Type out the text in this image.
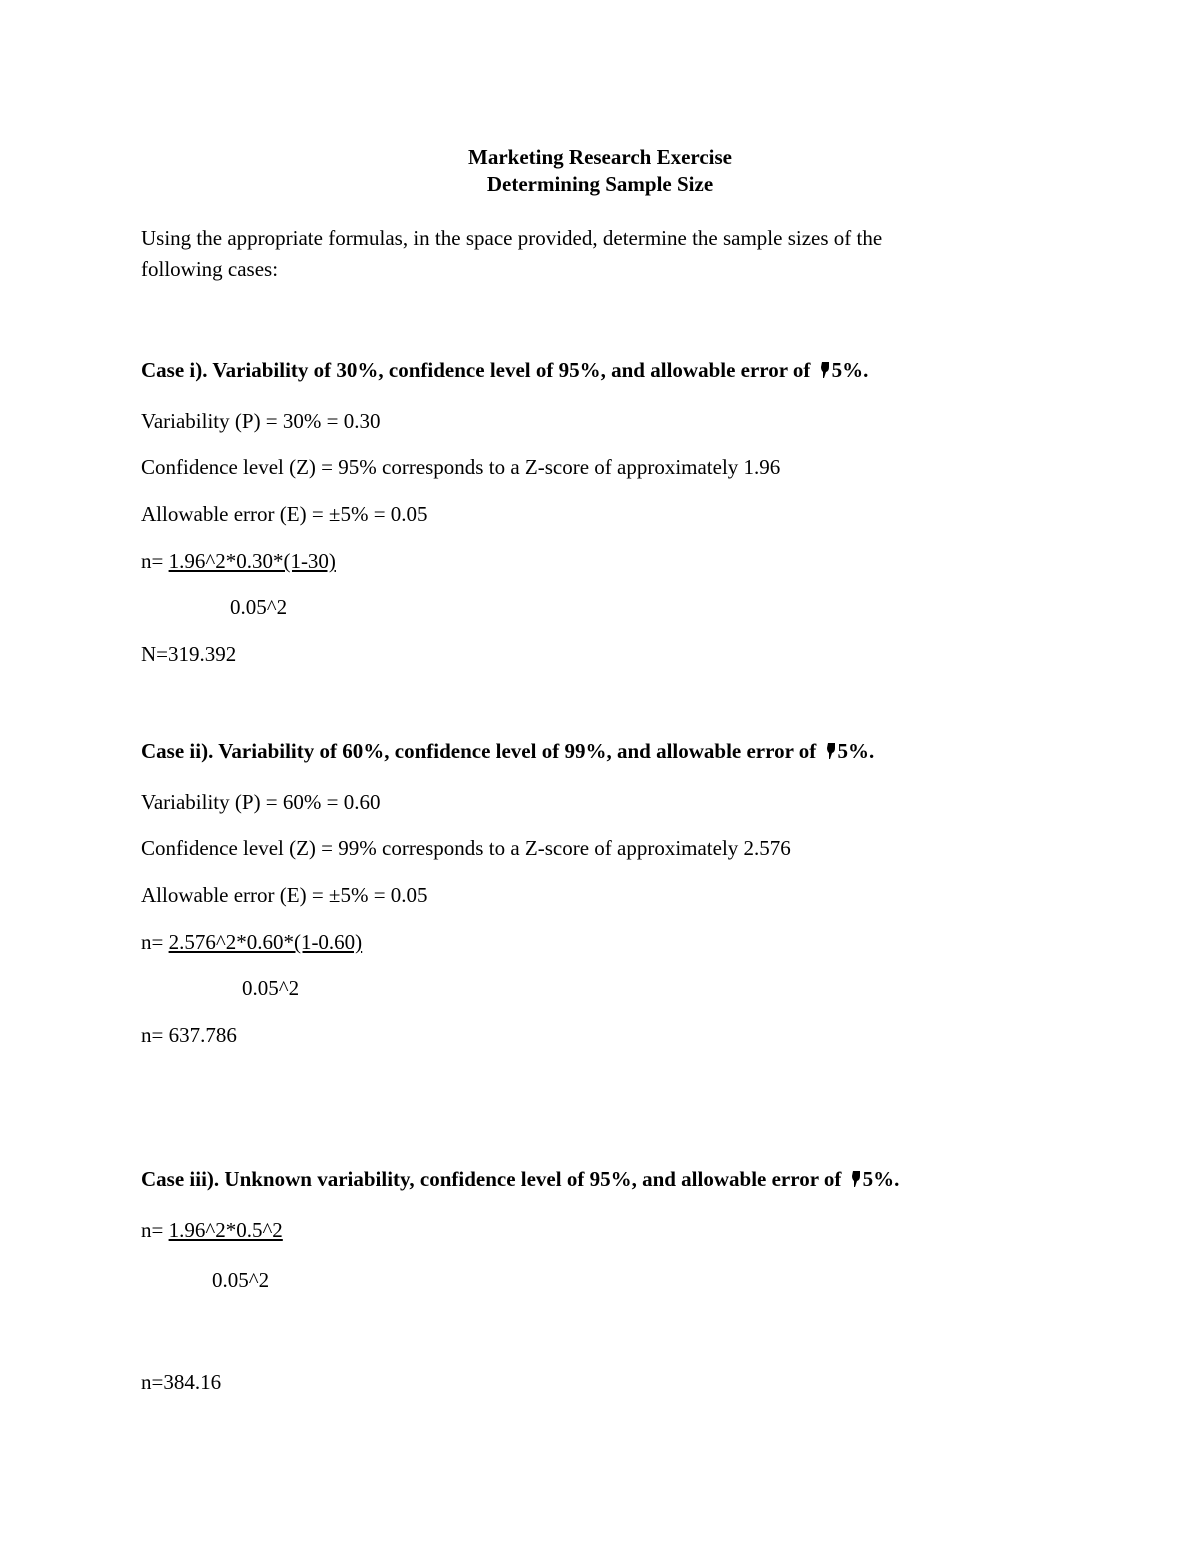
Marketing Research Exercise
Determining Sample Size
Using the appropriate formulas, in the space provided, determine the sample sizes of the
following cases:
Case i). Variability of 30%, confidence level of 95%, and allowable error of 5%.
Variability (P) = 30% = 0.30
Confidence level (Z) = 95% corresponds to a Z-score of approximately 1.96
Allowable error (E) = ±5% = 0.05
n= 1.96^2*0.30*(1-30)
0.05^2
N=319.392
Case ii). Variability of 60%, confidence level of 99%, and allowable error of 5%.
Variability (P) = 60% = 0.60
Confidence level (Z) = 99% corresponds to a Z-score of approximately 2.576
Allowable error (E) = ±5% = 0.05
n= 2.576^2*0.60*(1-0.60)
0.05^2
n= 637.786
Case iii). Unknown variability, confidence level of 95%, and allowable error of 5%.
n= 1.96^2*0.5^2
0.05^2
n=384.16
